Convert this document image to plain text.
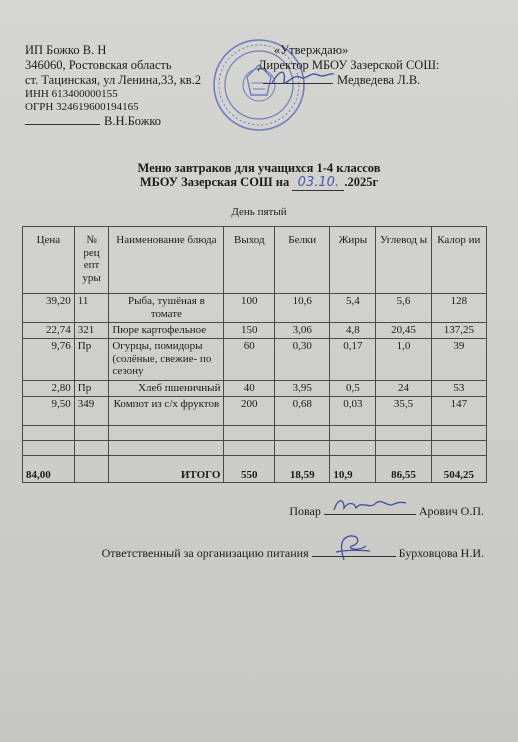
ИП Божко В. Н
346060, Ростовская область
ст. Тацинская, ул Ленина,33, кв.2
ИНН 613400000155
ОГРН 324619600194165
В.Н.Божко
«Утверждаю»
Директор МБОУ Зазерской СОШ:
Медведева Л.В.
Меню завтраков для учащихся 1-4 классов
МБОУ Зазерская СОШ на 03.10. .2025г
День пятый
Цена	№ рец епт уры	Наименование блюда	Выход	Белки	Жиры	Углевод ы	Калор ии
39,20	11	Рыба, тушёная в томате	100	10,6	5,4	5,6	128
22,74	321	Пюре картофельное	150	3,06	4,8	20,45	137,25
9,76	Пр	Огурцы, помидоры (солёные, свежие- по сезону	60	0,30	0,17	1,0	39
2,80	Пр	Хлеб пшеничный	40	3,95	0,5	24	53
9,50	349	Компот из с/х фруктов	200	0,68	0,03	35,5	147

84,00		ИТОГО	550	18,59	10,9	86,55	504,25
Повар	Арович О.П.
Ответственный за организацию питания	Бурховцова Н.И.
